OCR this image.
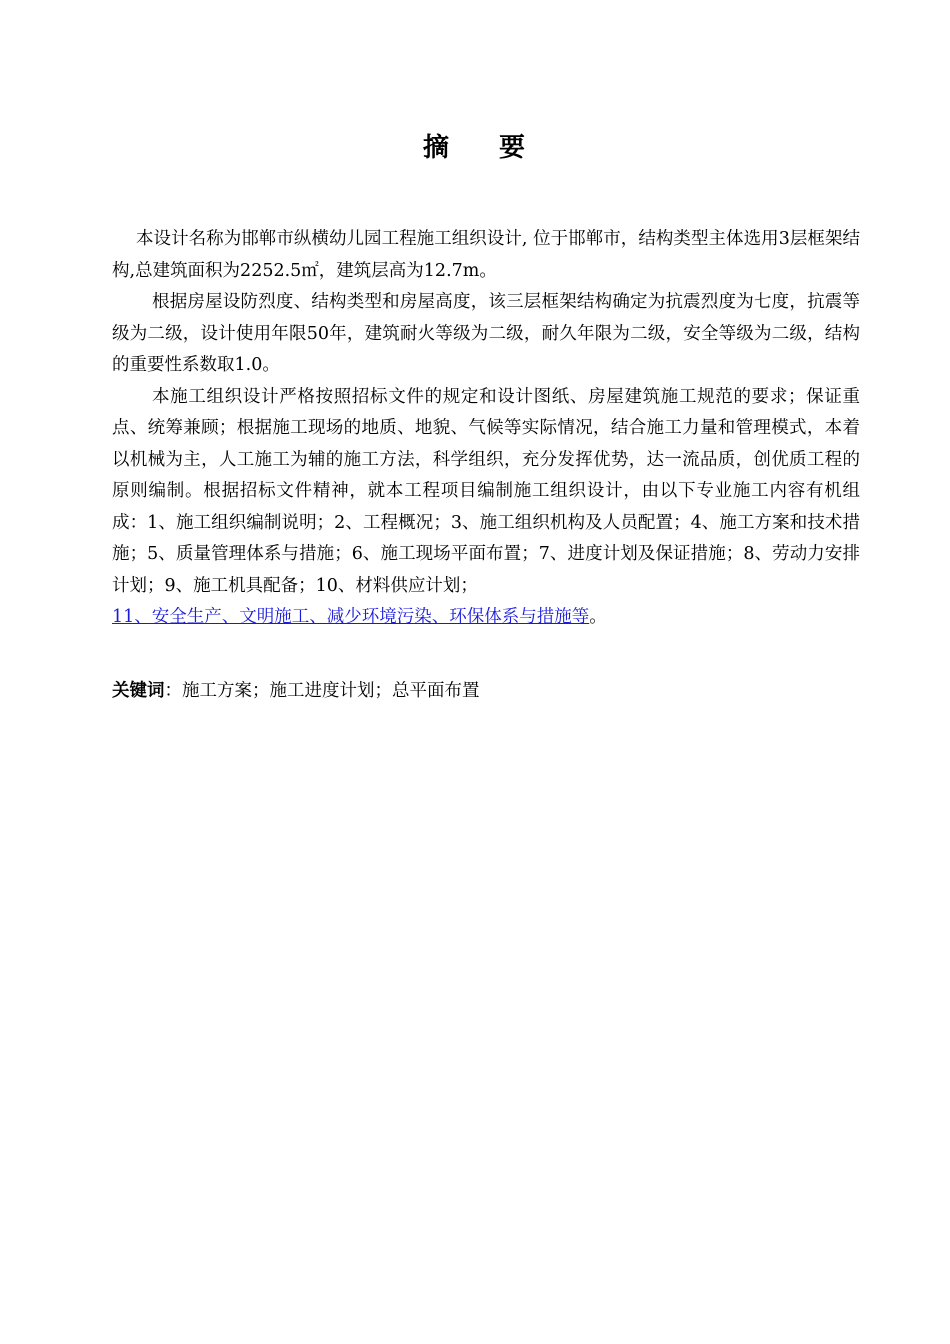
摘 要

本设计名称为邯郸市纵横幼儿园工程施工组织设计, 位于邯郸市，结构类型主体选用3层框架结构,总建筑面积为2252.5㎡，建筑层高为12.7m。

根据房屋设防烈度、结构类型和房屋高度，该三层框架结构确定为抗震烈度为七度，抗震等级为二级，设计使用年限50年，建筑耐火等级为二级，耐久年限为二级，安全等级为二级，结构的重要性系数取1.0。

本施工组织设计严格按照招标文件的规定和设计图纸、房屋建筑施工规范的要求；保证重点、统筹兼顾；根据施工现场的地质、地貌、气候等实际情况，结合施工力量和管理模式，本着以机械为主，人工施工为辅的施工方法，科学组织，充分发挥优势，达一流品质，创优质工程的原则编制。根据招标文件精神，就本工程项目编制施工组织设计，由以下专业施工内容有机组成：1、施工组织编制说明；2、工程概况；3、施工组织机构及人员配置；4、施工方案和技术措施；5、质量管理体系与措施；6、施工现场平面布置；7、进度计划及保证措施；8、劳动力安排计划；9、施工机具配备；10、材料供应计划；

11、安全生产、文明施工、减少环境污染、环保体系与措施等。

关键词：施工方案；施工进度计划；总平面布置
